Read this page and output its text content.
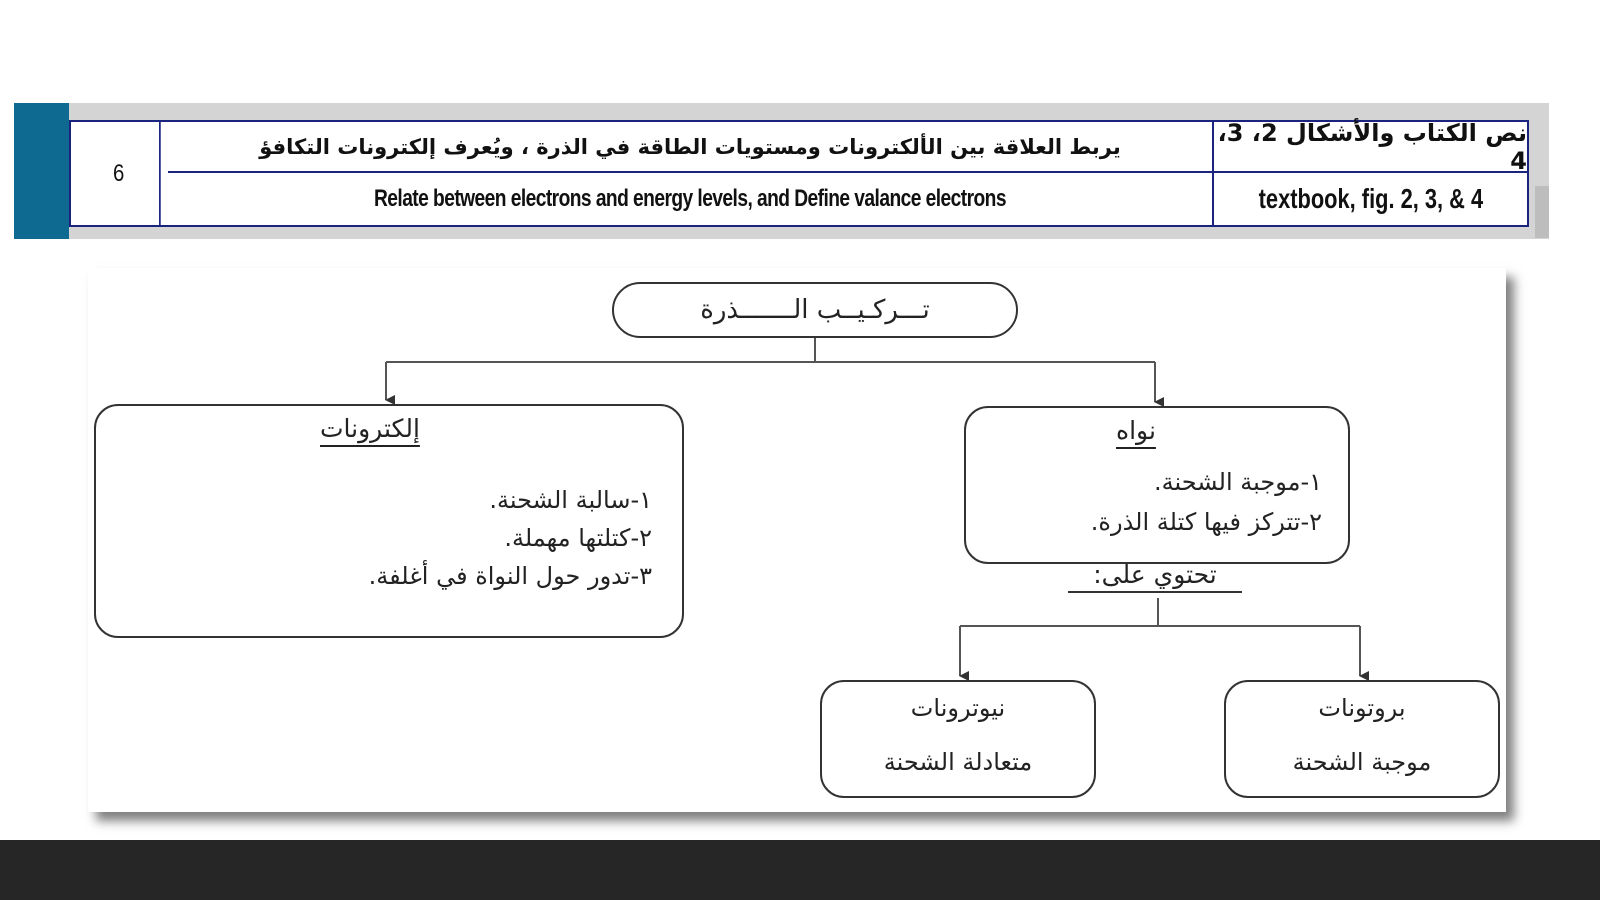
6
يربط العلاقة بين الألكترونات ومستويات الطاقة في الذرة ، ويُعرف إلكترونات التكافؤ
Relate between electrons and energy levels, and Define valance electrons
نص الكتاب والأشكال 2، 3، 4
textbook, fig. 2, 3, & 4
تـــركـيــب الـــــــذرة
إلكترونات
١-سالبة الشحنة.
٢-كتلتها مهملة.
٣-تدور حول النواة في أغلفة.
نواه
١-موجبة الشحنة.
٢-تتركز فيها كتلة الذرة.
تحتوي على:
نيوترونات
متعادلة الشحنة
بروتونات
موجبة الشحنة
